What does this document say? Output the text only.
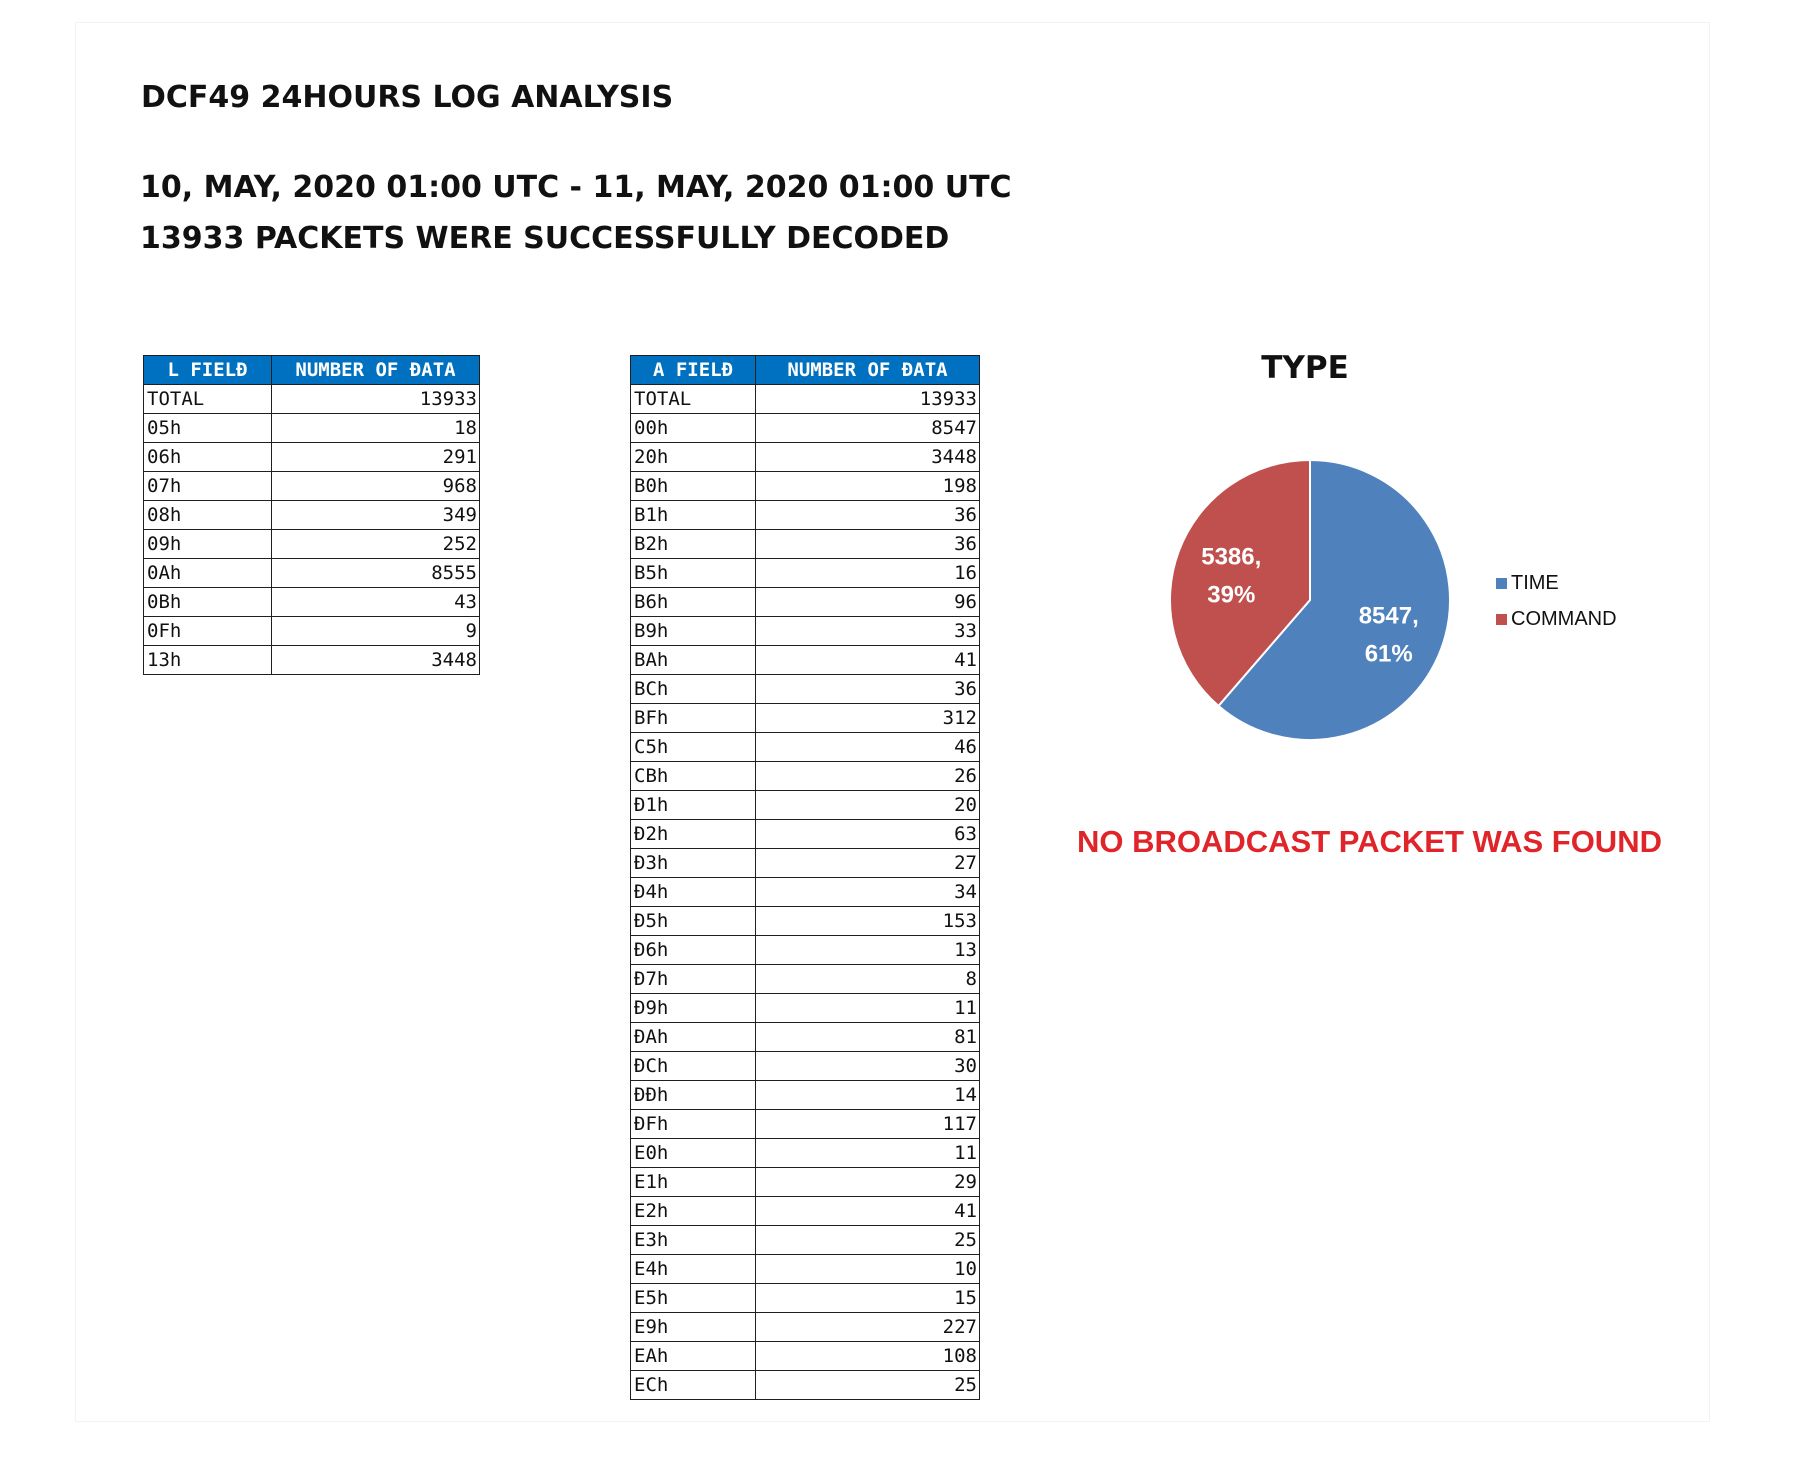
DCF49 24HOURS LOG ANALYSIS
10, MAY, 2020 01:00 UTC - 11, MAY, 2020 01:00 UTC
13933 PACKETS WERE SUCCESSFULLY DECODED
L FIELÐ	NUMBER OF ÐATA
TOTAL	13933
05h	18
06h	291
07h	968
08h	349
09h	252
0Ah	8555
0Bh	43
0Fh	9
13h	3448
A FIELÐ	NUMBER OF ÐATA
TOTAL	13933
00h	8547
20h	3448
B0h	198
B1h	36
B2h	36
B5h	16
B6h	96
B9h	33
BAh	41
BCh	36
BFh	312
C5h	46
CBh	26
Ð1h	20
Ð2h	63
Ð3h	27
Ð4h	34
Ð5h	153
Ð6h	13
Ð7h	8
Ð9h	11
ÐAh	81
ÐCh	30
ÐÐh	14
ÐFh	117
E0h	11
E1h	29
E2h	41
E3h	25
E4h	10
E5h	15
E9h	227
EAh	108
ECh	25
TYPE
8547, 61%
5386, 39%	TIME
COMMAND
NO BROADCAST PACKET WAS FOUND
